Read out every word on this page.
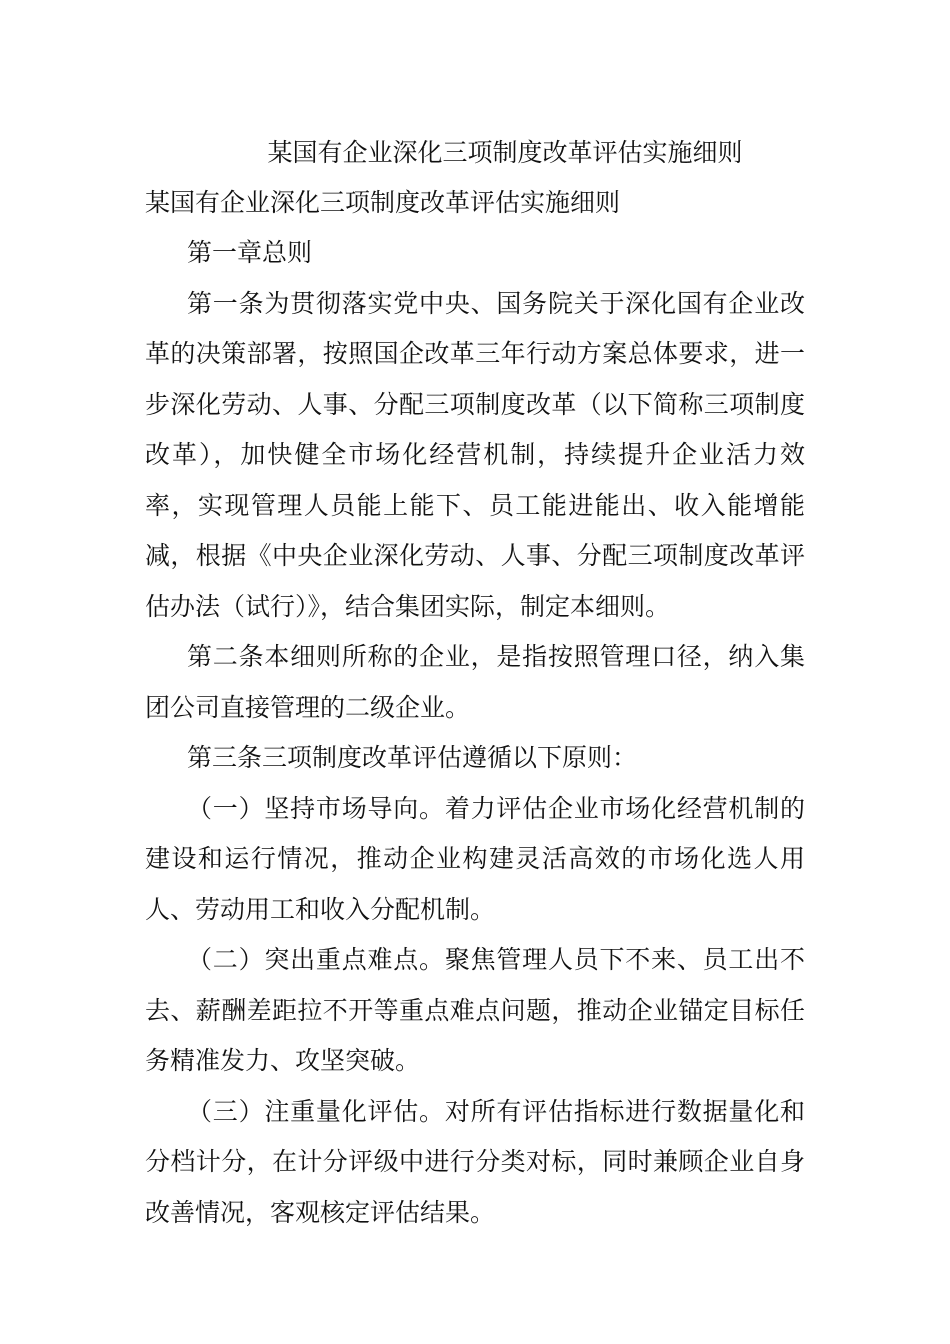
某国有企业深化三项制度改革评估实施细则

某国有企业深化三项制度改革评估实施细则

第一章总则

第一条为贯彻落实党中央、国务院关于深化国有企业改革的决策部署，按照国企改革三年行动方案总体要求，进一步深化劳动、人事、分配三项制度改革（以下简称三项制度改革），加快健全市场化经营机制，持续提升企业活力效率，实现管理人员能上能下、员工能进能出、收入能增能减，根据《中央企业深化劳动、人事、分配三项制度改革评估办法（试行）》，结合集团实际，制定本细则。

第二条本细则所称的企业，是指按照管理口径，纳入集团公司直接管理的二级企业。

第三条三项制度改革评估遵循以下原则：

（一）坚持市场导向。着力评估企业市场化经营机制的建设和运行情况，推动企业构建灵活高效的市场化选人用人、劳动用工和收入分配机制。

（二）突出重点难点。聚焦管理人员下不来、员工出不去、薪酬差距拉不开等重点难点问题，推动企业锚定目标任务精准发力、攻坚突破。

（三）注重量化评估。对所有评估指标进行数据量化和分档计分，在计分评级中进行分类对标，同时兼顾企业自身改善情况，客观核定评估结果。
